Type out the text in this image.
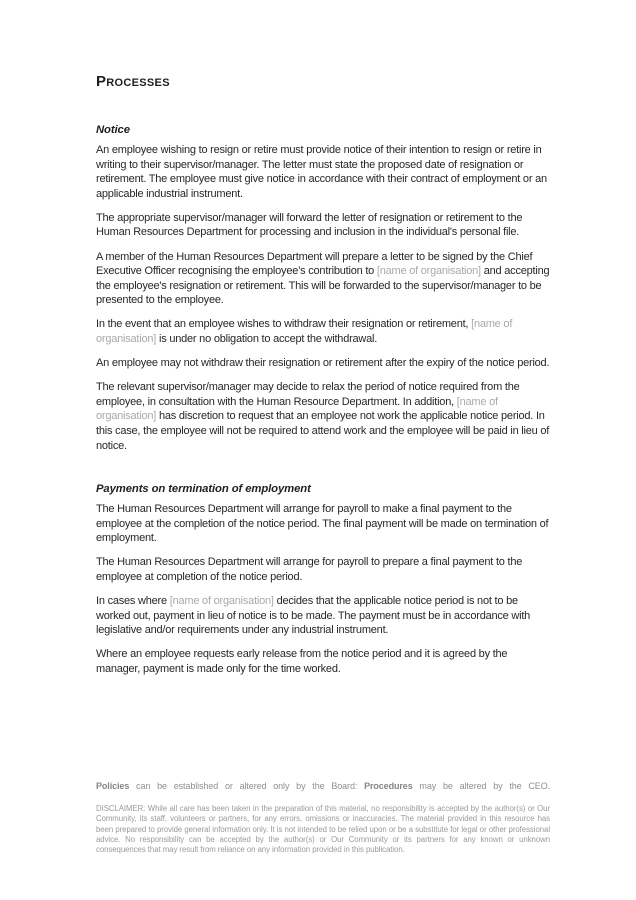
Processes
Notice

An employee wishing to resign or retire must provide notice of their intention to resign or retire in writing to their supervisor/manager. The letter must state the proposed date of resignation or retirement. The employee must give notice in accordance with their contract of employment or an applicable industrial instrument.

The appropriate supervisor/manager will forward the letter of resignation or retirement to the Human Resources Department for processing and inclusion in the individual's personal file.

A member of the Human Resources Department will prepare a letter to be signed by the Chief Executive Officer recognising the employee’s contribution to [name of organisation] and accepting the employee's resignation or retirement. This will be forwarded to the supervisor/manager to be presented to the employee.

In the event that an employee wishes to withdraw their resignation or retirement, [name of organisation] is under no obligation to accept the withdrawal.

An employee may not withdraw their resignation or retirement after the expiry of the notice period.

The relevant supervisor/manager may decide to relax the period of notice required from the employee, in consultation with the Human Resource Department. In addition, [name of organisation] has discretion to request that an employee not work the applicable notice period. In this case, the employee will not be required to attend work and the employee will be paid in lieu of notice.

Payments on termination of employment

The Human Resources Department will arrange for payroll to make a final payment to the employee at the completion of the notice period. The final payment will be made on termination of employment.

The Human Resources Department will arrange for payroll to prepare a final payment to the employee at completion of the notice period.

In cases where [name of organisation] decides that the applicable notice period is not to be worked out, payment in lieu of notice is to be made. The payment must be in accordance with legislative and/or requirements under any industrial instrument.

Where an employee requests early release from the notice period and it is agreed by the manager, payment is made only for the time worked.

Policies can be established or altered only by the Board: Procedures may be altered by the CEO.

DISCLAIMER: While all care has been taken in the preparation of this material, no responsibility is accepted by the author(s) or Our Community, its staff, volunteers or partners, for any errors, omissions or inaccuracies. The material provided in this resource has been prepared to provide general information only. It is not intended to be relied upon or be a substitute for legal or other professional advice. No responsibility can be accepted by the author(s) or Our Community or its partners for any known or unknown consequences that may result from reliance on any information provided in this publication.
